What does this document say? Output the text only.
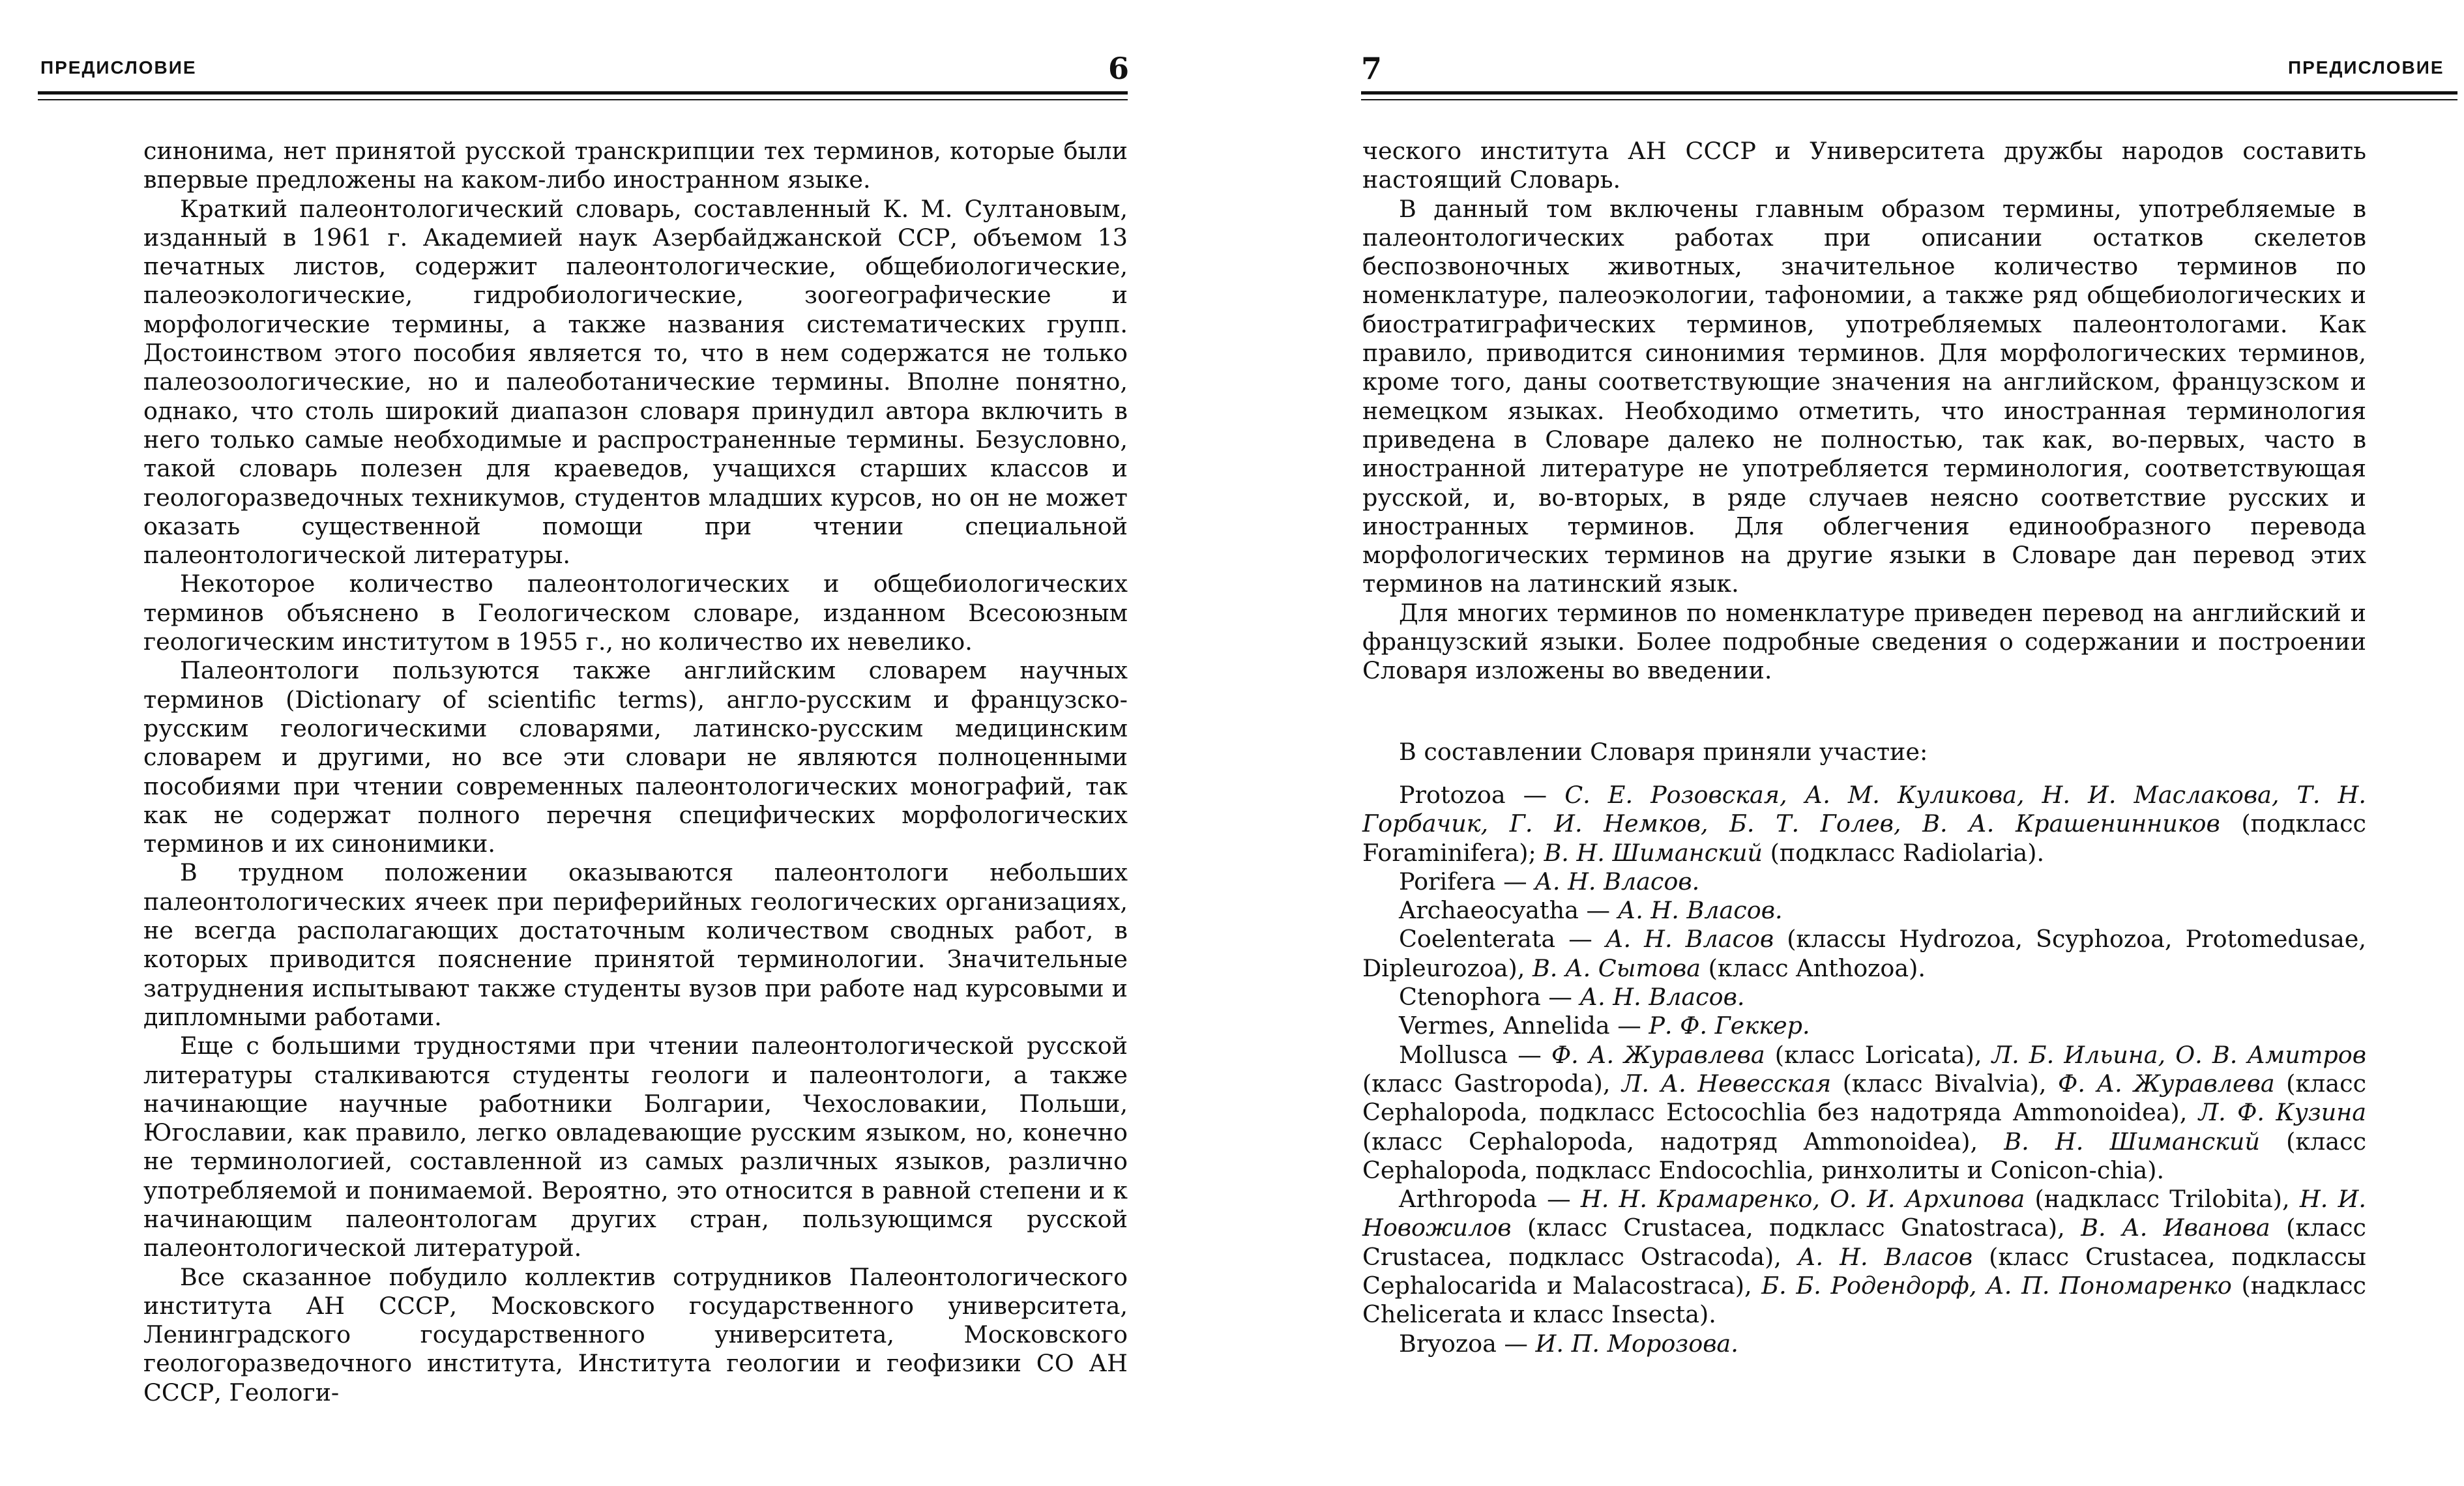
ПРЕДИСЛОВИЕ	6

синонима, нет принятой русской транскрипции тех терминов, которые были впервые предложены на каком-либо иностранном языке.

Краткий палеонтологический словарь, составленный К. М. Султановым, изданный в 1961 г. Академией наук Азербайджанской ССР, объемом 13 печатных листов, содержит палеонтологические, общебиологические, палеоэкологические, гидробиологические, зоогеографические и морфологические термины, а также названия систематических групп. Достоинством этого пособия является то, что в нем содержатся не только палеозоологические, но и палеоботанические термины. Вполне понятно, однако, что столь широкий диапазон словаря принудил автора включить в него только самые необходимые и распространенные термины. Безусловно, такой словарь полезен для краеведов, учащихся старших классов и геологоразведочных техникумов, студентов младших курсов, но он не может оказать существенной помощи при чтении специальной палеонтологической литературы.

Некоторое количество палеонтологических и общебиологических терминов объяснено в Геологическом словаре, изданном Всесоюзным геологическим институтом в 1955 г., но количество их невелико.

Палеонтологи пользуются также английским словарем научных терминов (Dictionary of scientific terms), англо-русским и французско-русским геологическими словарями, латинско-русским медицинским словарем и другими, но все эти словари не являются полноценными пособиями при чтении современных палеонтологических монографий, так как не содержат полного перечня специфических морфологических терминов и их синонимики.

В трудном положении оказываются палеонтологи небольших палеонтологических ячеек при периферийных геологических организациях, не всегда располагающих достаточным количеством сводных работ, в которых приводится пояснение принятой терминологии. Значительные затруднения испытывают также студенты вузов при работе над курсовыми и дипломными работами.

Еще с большими трудностями при чтении палеонтологической русской литературы сталкиваются студенты геологи и палеонтологи, а также начинающие научные работники Болгарии, Чехословакии, Польши, Югославии, как правило, легко овладевающие русским языком, но, конечно не терминологией, составленной из самых различных языков, различно употребляемой и понимаемой. Вероятно, это относится в равной степени и к начинающим палеонтологам других стран, пользующимся русской палеонтологической литературой.

Все сказанное побудило коллектив сотрудников Палеонтологического института АН СССР, Московского государственного университета, Ленинградского государственного университета, Московского геологоразведочного института, Института геологии и геофизики СО АН СССР, Геологи-

7	ПРЕДИСЛОВИЕ

ческого института АН СССР и Университета дружбы народов составить настоящий Словарь.

В данный том включены главным образом термины, употребляемые в палеонтологических работах при описании остатков скелетов беспозвоночных животных, значительное количество терминов по номенклатуре, палеоэкологии, тафономии, а также ряд общебиологических и биостратиграфических терминов, употребляемых палеонтологами. Как правило, приводится синонимия терминов. Для морфологических терминов, кроме того, даны соответствующие значения на английском, французском и немецком языках. Необходимо отметить, что иностранная терминология приведена в Словаре далеко не полностью, так как, во-первых, часто в иностранной литературе не употребляется терминология, соответствующая русской, и, во-вторых, в ряде случаев неясно соответствие русских и иностранных терминов. Для облегчения единообразного перевода морфологических терминов на другие языки в Словаре дан перевод этих терминов на латинский язык.

Для многих терминов по номенклатуре приведен перевод на английский и французский языки. Более подробные сведения о содержании и построении Словаря изложены во введении.

В составлении Словаря приняли участие:

Protozoa — С. Е. Розовская, А. М. Куликова, Н. И. Маслакова, Т. Н. Горбачик, Г. И. Немков, Б. Т. Голев, В. А. Крашенинников (подкласс Foraminifera); В. Н. Шиманский (подкласс Radiolaria).

Porifera — А. Н. Власов.

Archaeocyatha — А. Н. Власов.

Coelenterata — А. Н. Власов (классы Hydrozoa, Scyphozoa, Protomedusae, Dipleurozoa), В. А. Сытова (класс Anthozoa).

Ctenophora — А. Н. Власов.

Vermes, Annelida — Р. Ф. Геккер.

Mollusca — Ф. А. Журавлева (класс Loricata), Л. Б. Ильина, О. В. Амитров (класс Gastropoda), Л. А. Невесская (класс Bivalvia), Ф. А. Журавлева (класс Cephalopoda, подкласс Ectocochlia без надотряда Ammonoidea), Л. Ф. Кузина (класс Cephalopoda, надотряд Ammonoidea), В. Н. Шиманский (класс Cephalopoda, подкласс Endocochlia, ринхолиты и Conicon-chia).

Arthropoda — Н. Н. Крамаренко, О. И. Архипова (надкласс Trilobita), Н. И. Новожилов (класс Crustacea, подкласс Gnatostraca), В. А. Иванова (класс Crustacea, подкласс Ostracoda), А. Н. Власов (класс Crustacea, подклассы Cephalocarida и Malacostraca), Б. Б. Родендорф, А. П. Пономаренко (надкласс Chelicerata и класс Insecta).

Bryozoa — И. П. Морозова.
